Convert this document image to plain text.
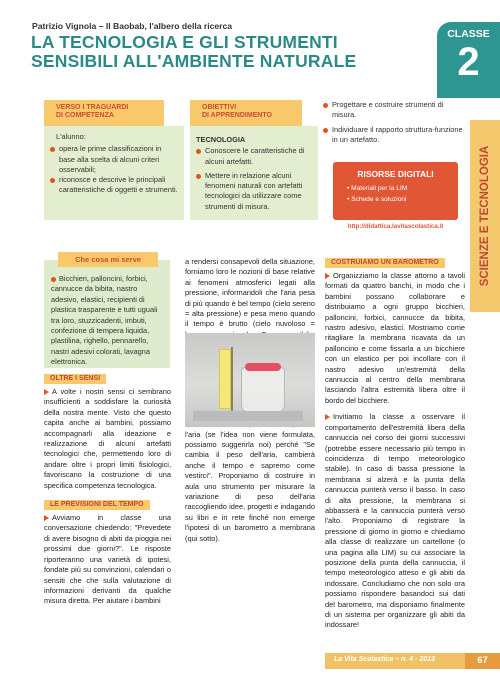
Patrizio Vignola – Il Baobab, l'albero della ricerca
LA TECNOLOGIA E GLI STRUMENTI
SENSIBILI ALL'AMBIENTE NATURALE
CLASSE
2
SCIENZE E TECNOLOGIA
VERSO I TRAGUARDI
DI COMPETENZA
L'alunno:
opera le prime classificazioni in base alla scelta di alcuni criteri osservabili;
riconosce e descrive le principali caratteristiche di oggetti e strumenti.
OBIETTIVI
DI APPRENDIMENTO
TECNOLOGIA
Conoscere le caratteristiche di alcuni artefatti.
Mettere in relazione alcuni fenomeni naturali con artefatti tecnologici da utilizzare come strumenti di misura.
Progettare e costruire strumenti di misura.
Individuare il rapporto struttura-funzione in un artefatto.
RISORSE DIGITALI
• Materiali per la LIM
• Schede e soluzioni
http://didattica.lavitascolastica.it
Che cosa mi serve
Bicchieri, palloncini, forbici, cannucce da bibita, nastro adesivo, elastici, recipienti di plastica trasparente e tutti uguali tra loro, stuzzicadenti, imbuti, confezione di tempera liquida, plastilina, righello, pennarello, nastri adesivi colorati, lavagna elettronica.
OLTRE I SENSI
A volte i nostri sensi ci sembrano insufficienti a soddisfare la curiosità della nostra mente. Visto che questo capita anche ai bambini, possiamo accompagnarli alla ideazione e realizzazione di alcuni artefatti tecnologici che, permettendo loro di andare oltre i propri limiti fisiologici, favoriscano la costruzione di una specifica competenza tecnologica.
LE PREVISIONI DEL TEMPO
Avviamo in classe una conversazione chiedendo: "Prevedete di avere bisogno di abiti da pioggia nei prossimi due giorni?". Le risposte riporteranno una varietà di ipotesi, fondate più su convinzioni, calendari o sensiti che che sulla valutazione di informazioni derivanti da qualche misura diretta. Per aiutare i bambini
a rendersi consapevoli della situazione, forniamo loro le nozioni di base relative ai fenomeni atmosferici legati alla pressione, informandoli che l'aria pesa di più quando è bel tempo (cielo sereno = alta pressione) e pesa meno quando il tempo è brutto (cielo nuvoloso =
l'aria (se l'idea non viene formulata, possiamo suggerirla noi) perché "Se cambia il peso dell'aria, cambierà anche il tempo e sapremo come vestirci". Proponiamo di costruire in aula uno strumento per misurare la variazione di peso dell'aria raccogliendo idee, progetti e indagando su libri e in rete finché non emerge l'ipotesi di un barometro a membrana (qui sotto).
COSTRUIAMO UN BAROMETRO
Organizziamo la classe attorno a tavoli formati da quattro banchi, in modo che i bambini possano collaborare e distribuiamo a ogni gruppo bicchieri, palloncini, forbici, cannucce da bibita, nastro adesivo, elastici. Mostriamo come ritagliare la membrana ricavata da un palloncino e come fissarla a un bicchiere con un elastico per poi incollare con il nastro adesivo un'estremità della cannuccia al centro della membrana lasciando l'altra estremità libera oltre il bordo del bicchiere.
Invitiamo la classe a osservare il comportamento dell'estremità libera della cannuccia nel corso dei giorni successivi (potrebbe essere necessario più tempo in coincidenza di tempo meteorologico stabile). In caso di bassa pressione la membrana si alzerà e la punta della cannuccia punterà verso il basso. In caso di alta pressione, la membrana si abbasserà e la cannuccia punterà verso l'alto. Proponiamo di registrare la pressione di giorno in giorno e chiediamo alla classe di realizzare un cartellone (o una pagina alla LIM) su cui associare la posizione della punta della cannuccia, il tempo meteorologico atteso e gli abiti da indossare. Concludiamo che non solo ora possiamo rispondere basandoci sui dati del barometro, ma disponiamo finalmente di un sistema per organizzare gli abiti da indossare!
La Vita Scolastica – n. 4 - 2013	67
